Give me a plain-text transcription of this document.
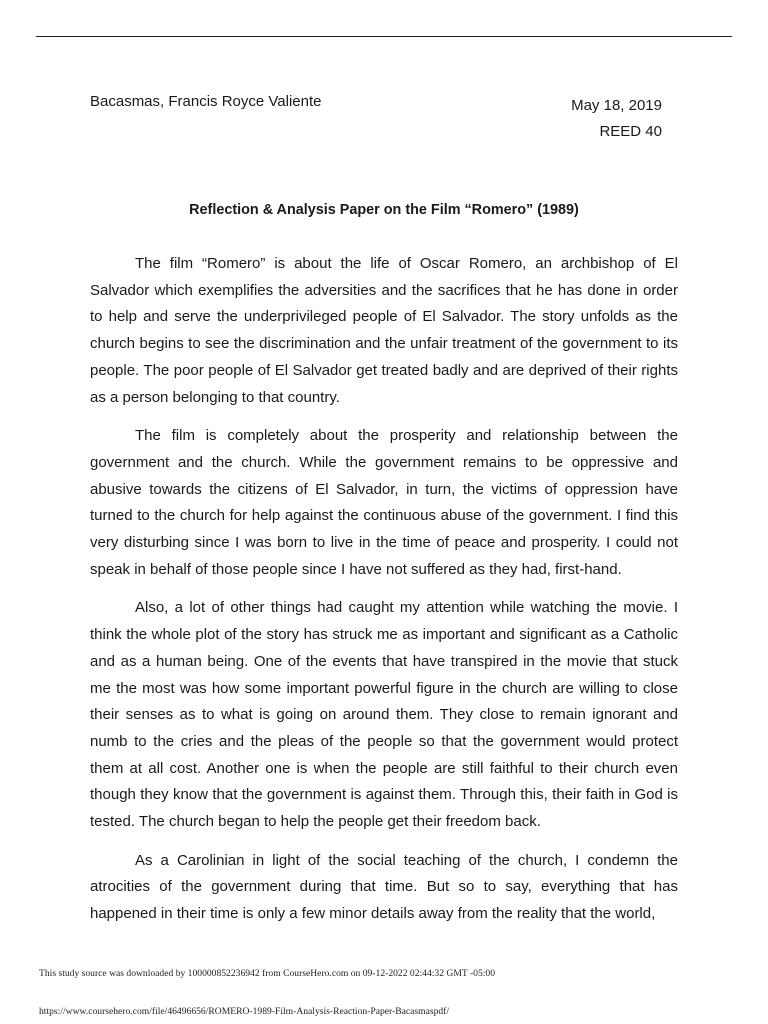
Bacasmas, Francis Royce Valiente	May 18, 2019
REED 40
Reflection & Analysis Paper on the Film “Romero” (1989)

The film “Romero” is about the life of Oscar Romero, an archbishop of El Salvador which exemplifies the adversities and the sacrifices that he has done in order to help and serve the underprivileged people of El Salvador. The story unfolds as the church begins to see the discrimination and the unfair treatment of the government to its people. The poor people of El Salvador get treated badly and are deprived of their rights as a person belonging to that country.

The film is completely about the prosperity and relationship between the government and the church. While the government remains to be oppressive and abusive towards the citizens of El Salvador, in turn, the victims of oppression have turned to the church for help against the continuous abuse of the government. I find this very disturbing since I was born to live in the time of peace and prosperity. I could not speak in behalf of those people since I have not suffered as they had, first-hand.

Also, a lot of other things had caught my attention while watching the movie. I think the whole plot of the story has struck me as important and significant as a Catholic and as a human being. One of the events that have transpired in the movie that stuck me the most was how some important powerful figure in the church are willing to close their senses as to what is going on around them. They close to remain ignorant and numb to the cries and the pleas of the people so that the government would protect them at all cost. Another one is when the people are still faithful to their church even though they know that the government is against them. Through this, their faith in God is tested. The church began to help the people get their freedom back.

As a Carolinian in light of the social teaching of the church, I condemn the atrocities of the government during that time. But so to say, everything that has happened in their time is only a few minor details away from the reality that the world,

This study source was downloaded by 100000852236942 from CourseHero.com on 09-12-2022 02:44:32 GMT -05:00
https://www.coursehero.com/file/46496656/ROMERO-1989-Film-Analysis-Reaction-Paper-Bacasmaspdf/
